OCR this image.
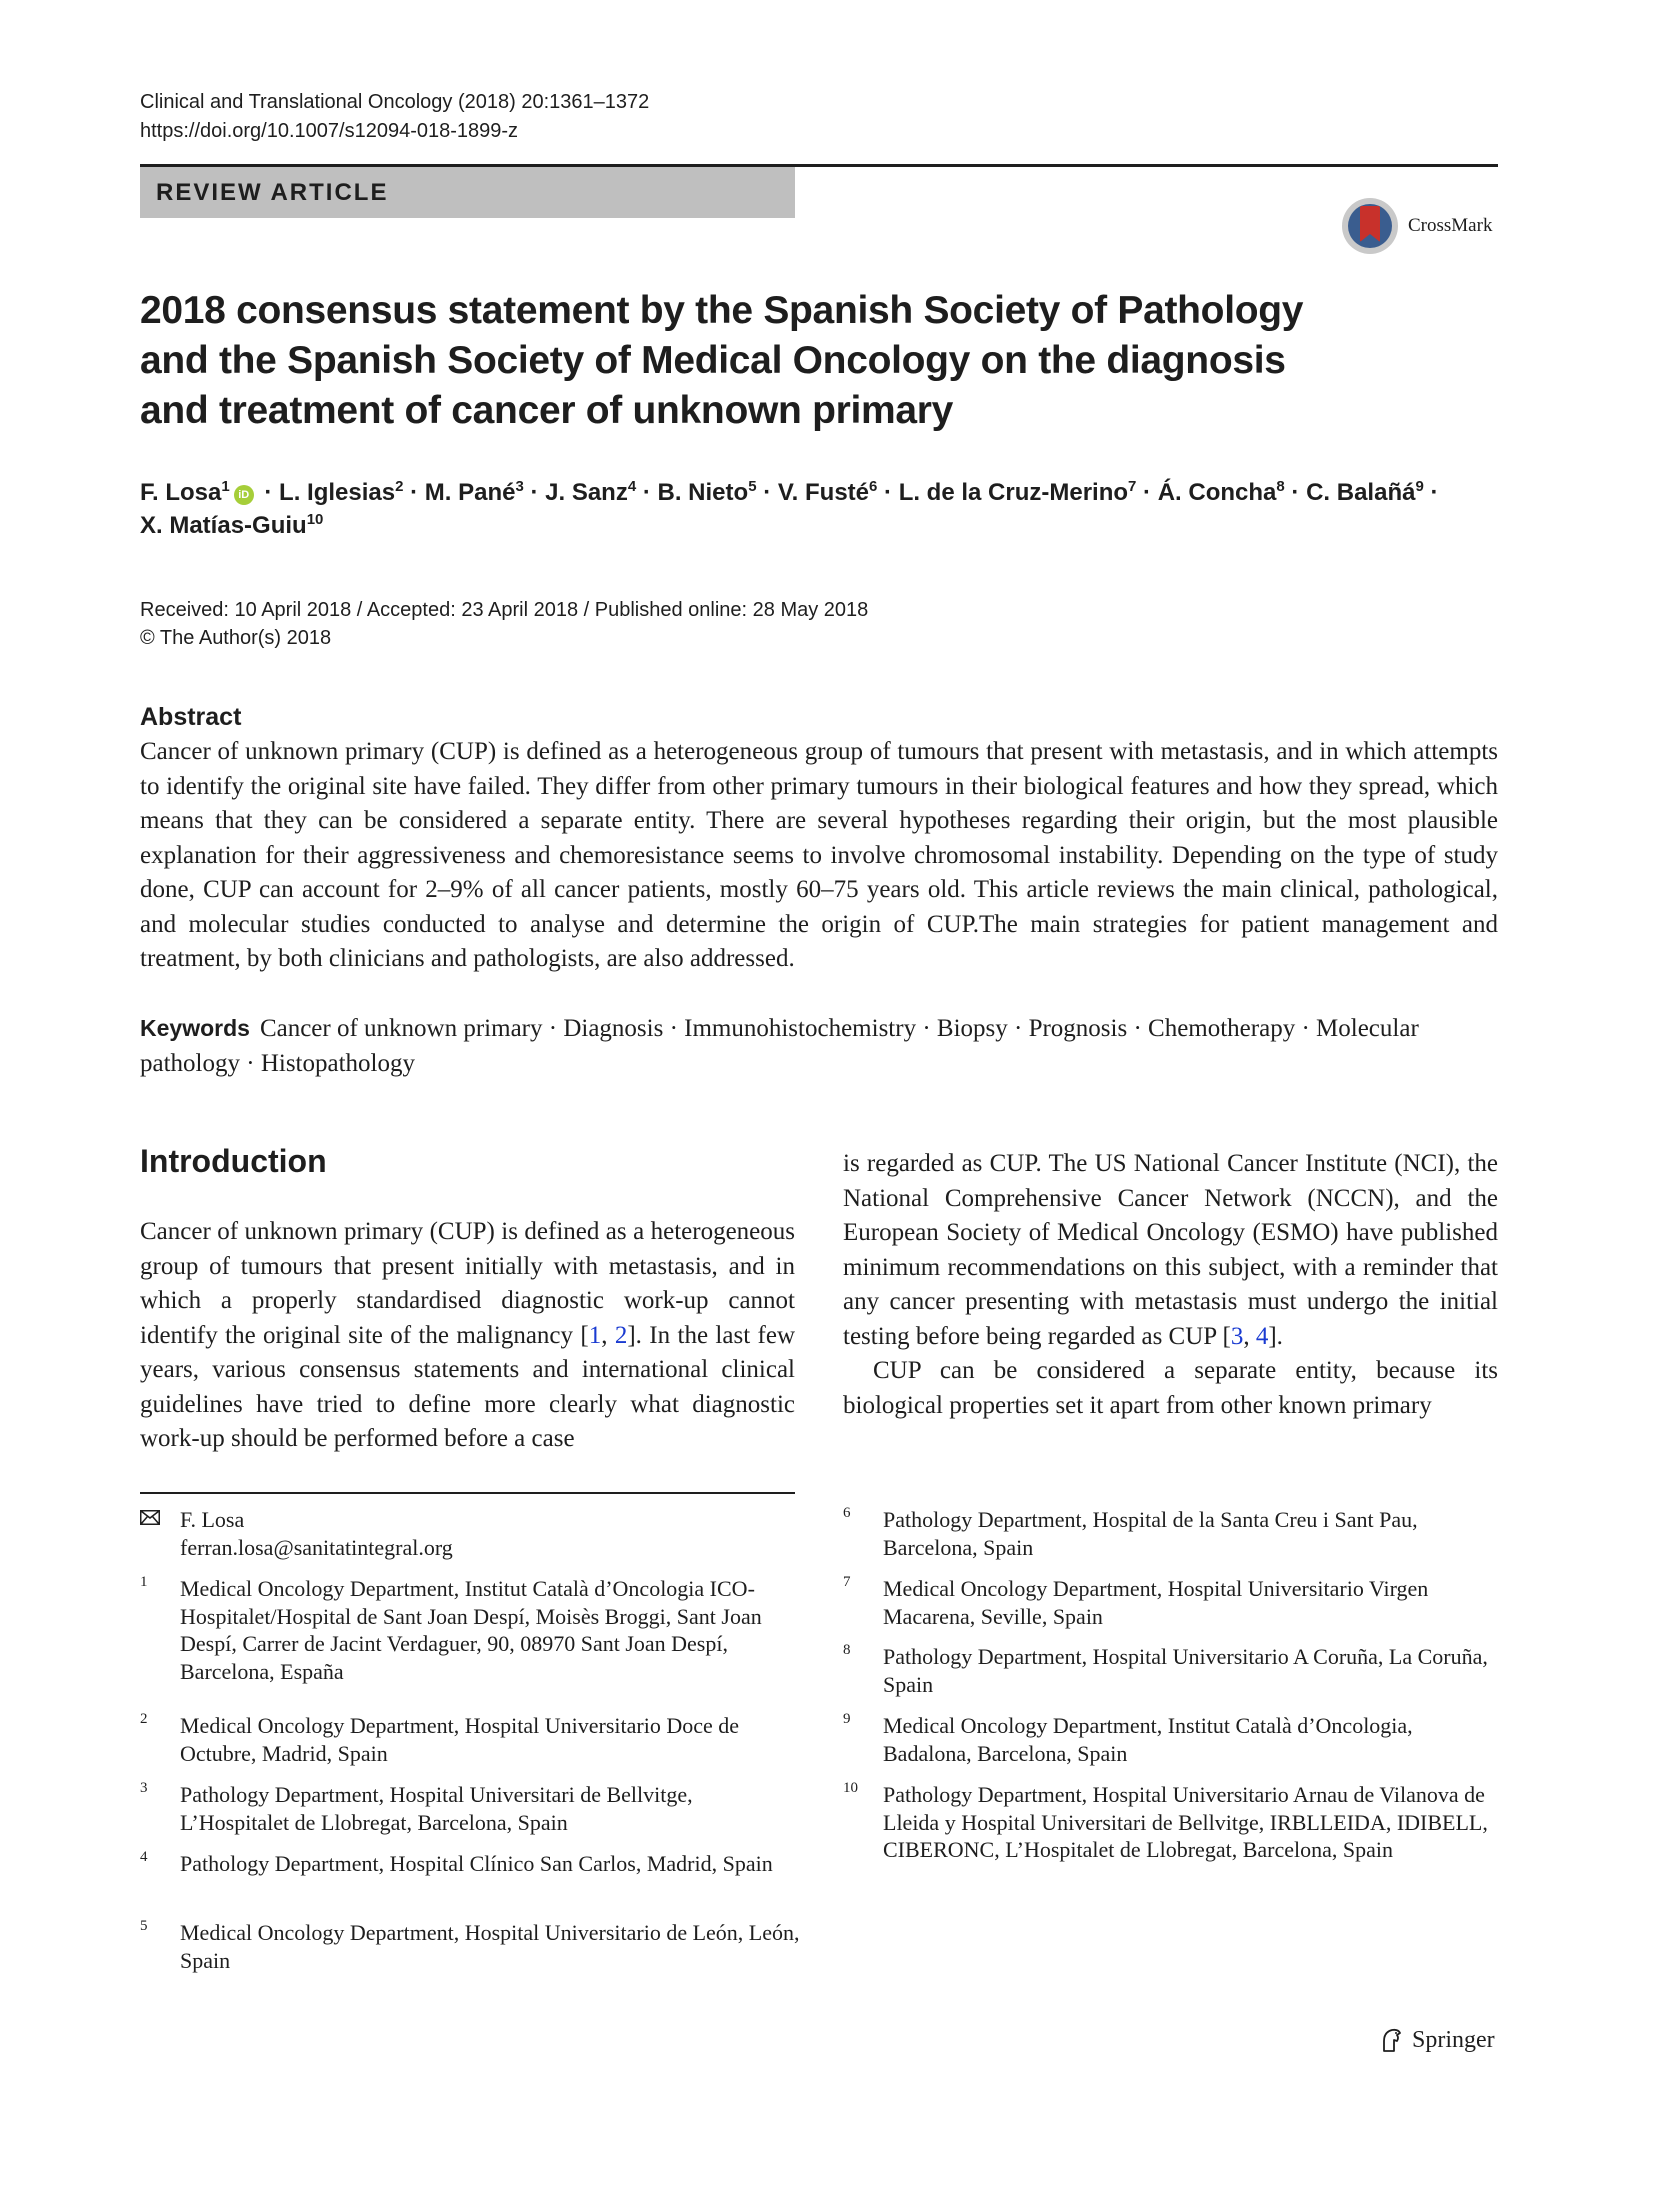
Clinical and Translational Oncology (2018) 20:1361–1372
https://doi.org/10.1007/s12094-018-1899-z
REVIEW ARTICLE
CrossMark
2018 consensus statement by the Spanish Society of Pathology
and the Spanish Society of Medical Oncology on the diagnosis
and treatment of cancer of unknown primary
F. Losa$^1$ iD · L. Iglesias$^2$ · M. Pané$^3$ · J. Sanz$^4$ · B. Nieto$^5$ · V. Fusté$^6$ · L. de la Cruz-Merino$^7$ · Á. Concha$^8$ · C. Balañá$^9$ ·
X. Matías-Guiu$^{10}$
Received: 10 April 2018 / Accepted: 23 April 2018 / Published online: 28 May 2018
© The Author(s) 2018
Abstract
Cancer of unknown primary (CUP) is defined as a heterogeneous group of tumours that present with metastasis, and in which attempts to identify the original site have failed. They differ from other primary tumours in their biological features and how they spread, which means that they can be considered a separate entity. There are several hypotheses regarding their origin, but the most plausible explanation for their aggressiveness and chemoresistance seems to involve chromosomal instability. Depending on the type of study done, CUP can account for 2–9% of all cancer patients, mostly 60–75 years old. This article reviews the main clinical, pathological, and molecular studies conducted to analyse and determine the origin of CUP.The main strategies for patient management and treatment, by both clinicians and pathologists, are also addressed.
Keywords Cancer of unknown primary · Diagnosis · Immunohistochemistry · Biopsy · Prognosis · Chemotherapy · Molecular pathology · Histopathology
Introduction
Cancer of unknown primary (CUP) is defined as a heterogeneous group of tumours that present initially with metastasis, and in which a properly standardised diagnostic work-up cannot identify the original site of the malignancy [1, 2]. In the last few years, various consensus statements and international clinical guidelines have tried to define more clearly what diagnostic work-up should be performed before a case
is regarded as CUP. The US National Cancer Institute (NCI), the National Comprehensive Cancer Network (NCCN), and the European Society of Medical Oncology (ESMO) have published minimum recommendations on this subject, with a reminder that any cancer presenting with metastasis must undergo the initial testing before being regarded as CUP [3, 4].
CUP can be considered a separate entity, because its biological properties set it apart from other known primary
F. Losa
ferran.losa@sanitatintegral.org
1 Medical Oncology Department, Institut Català d’Oncologia ICO-Hospitalet/Hospital de Sant Joan Despí, Moisès Broggi, Sant Joan Despí, Carrer de Jacint Verdaguer, 90, 08970 Sant Joan Despí, Barcelona, España
2 Medical Oncology Department, Hospital Universitario Doce de Octubre, Madrid, Spain
3 Pathology Department, Hospital Universitari de Bellvitge, L’Hospitalet de Llobregat, Barcelona, Spain
4 Pathology Department, Hospital Clínico San Carlos, Madrid, Spain
5 Medical Oncology Department, Hospital Universitario de León, León, Spain
6 Pathology Department, Hospital de la Santa Creu i Sant Pau, Barcelona, Spain
7 Medical Oncology Department, Hospital Universitario Virgen Macarena, Seville, Spain
8 Pathology Department, Hospital Universitario A Coruña, La Coruña, Spain
9 Medical Oncology Department, Institut Català d’Oncologia, Badalona, Barcelona, Spain
10 Pathology Department, Hospital Universitario Arnau de Vilanova de Lleida y Hospital Universitari de Bellvitge, IRBLLEIDA, IDIBELL, CIBERONC, L’Hospitalet de Llobregat, Barcelona, Spain
Springer
